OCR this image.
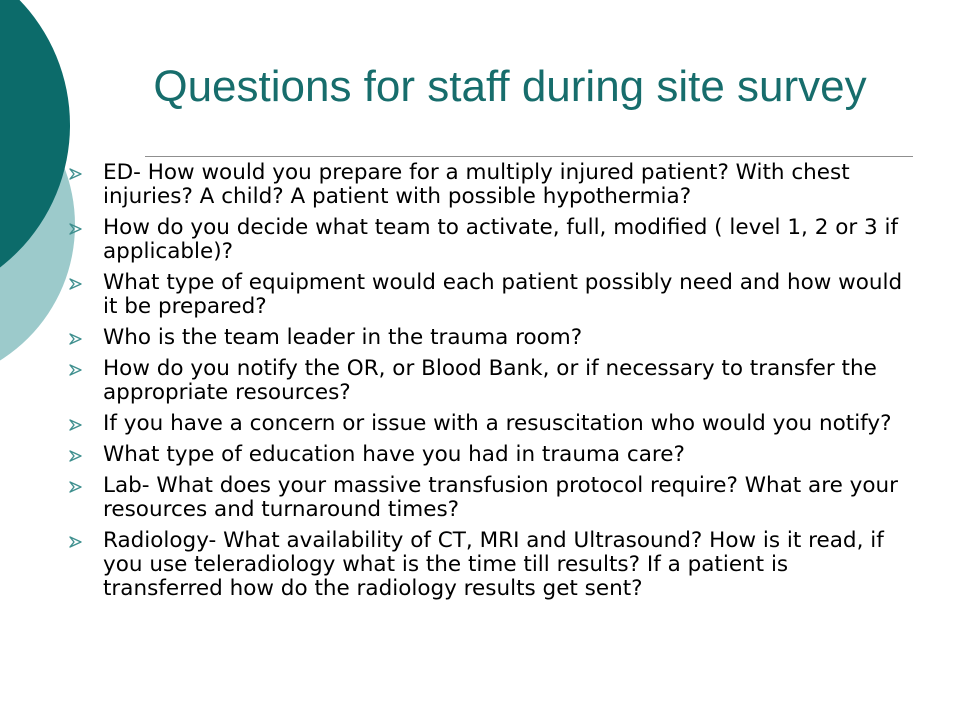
Questions for staff during site survey
ED- How would you prepare for a multiply injured patient? With chest injuries? A child? A patient with possible hypothermia?
How do you decide what team to activate, full, modified ( level 1, 2 or 3 if applicable)?
What type of equipment would each patient possibly need and how would it be prepared?
Who is the team leader in the trauma room?
How do you notify the OR, or Blood Bank, or if necessary to transfer the appropriate resources?
If you have a concern or issue with a resuscitation who would you notify?
What type of education have you had in trauma care?
Lab- What does your massive transfusion protocol require? What are your resources and turnaround times?
Radiology- What availability of CT, MRI and Ultrasound? How is it read, if you use teleradiology what is the time till results? If a patient is transferred how do the radiology results get sent?
